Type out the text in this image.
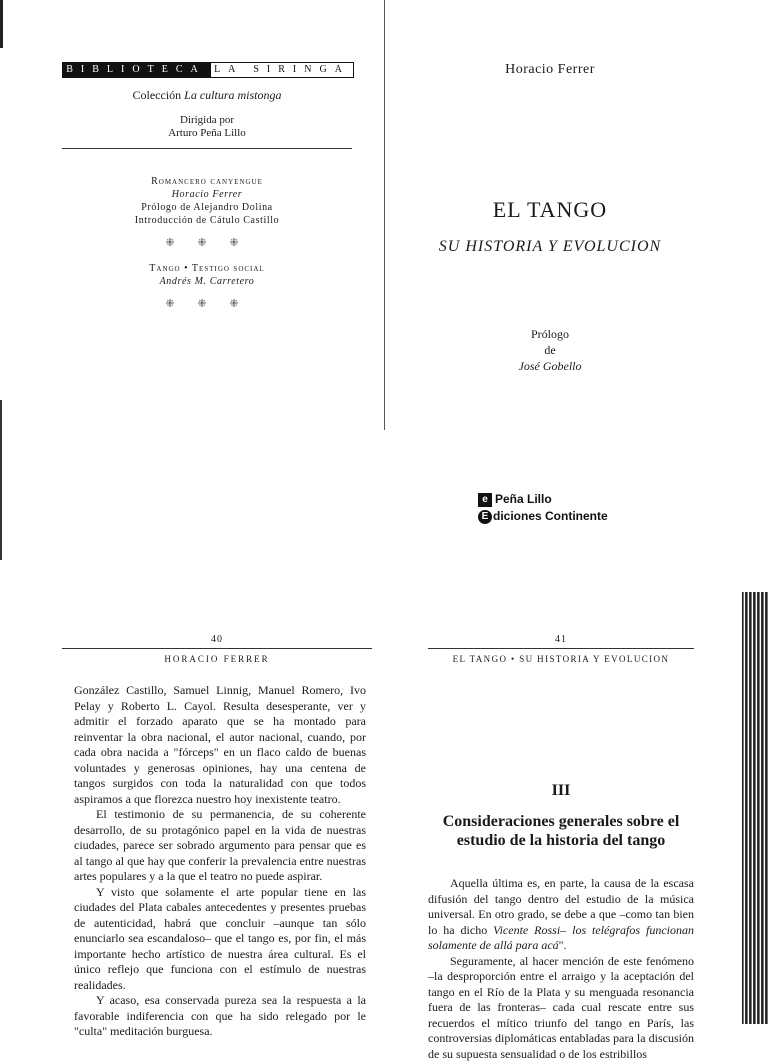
BIBLIOTECA LA SIRINGA
Colección La cultura mistonga
Dirigida por
Arturo Peña Lillo
Romancero canyengue
Horacio Ferrer
Prólogo de Alejandro Dolina
Introducción de Cátulo Castillo
⁜ ⁜ ⁜
Tango • Testigo social
Andrés M. Carretero
⁜ ⁜ ⁜
Horacio Ferrer
EL TANGO
SU HISTORIA Y EVOLUCION
Prólogo
de
José Gobello
e Peña Lillo
E diciones Continente
40
HORACIO FERRER

González Castillo, Samuel Linnig, Manuel Romero, Ivo Pelay y Roberto L. Cayol. Resulta desesperante, ver y admitir el forzado aparato que se ha montado para reinventar la obra nacional, el autor nacional, cuando, por cada obra nacida a "fórceps" en un flaco caldo de buenas voluntades y generosas opiniones, hay una centena de tangos surgidos con toda la naturalidad con que todos aspiramos a que florezca nuestro hoy inexistente teatro.

El testimonio de su permanencia, de su coherente desarrollo, de su protagónico papel en la vida de nuestras ciudades, parece ser sobrado argumento para pensar que es al tango al que hay que conferir la prevalencia entre nuestras artes populares y a la que el teatro no puede aspirar.

Y visto que solamente el arte popular tiene en las ciudades del Plata cabales antecedentes y presentes pruebas de autenticidad, habrá que concluir –aunque tan sólo enunciarlo sea escandaloso– que el tango es, por fin, el más importante hecho artístico de nuestra área cultural. Es el único reflejo que funciona con el estímulo de nuestras realidades.

Y acaso, esa conservada pureza sea la respuesta a la favorable indiferencia con que ha sido relegado por le "culta" meditación burguesa.

41
EL TANGO • SU HISTORIA Y EVOLUCION
III
Consideraciones generales sobre el
estudio de la historia del tango

Aquella última es, en parte, la causa de la escasa difusión del tango dentro del estudio de la música universal. En otro grado, se debe a que –como tan bien lo ha dicho Vicente Rossi– los telégrafos funcionan solamente de allá para acá".

Seguramente, al hacer mención de este fenómeno –la desproporción entre el arraigo y la aceptación del tango en el Río de la Plata y su menguada resonancia fuera de las fronteras– cada cual rescate entre sus recuerdos el mítico triunfo del tango en París, las controversias diplomáticas entabladas para la discusión de su supuesta sensualidad o de los estribillos
